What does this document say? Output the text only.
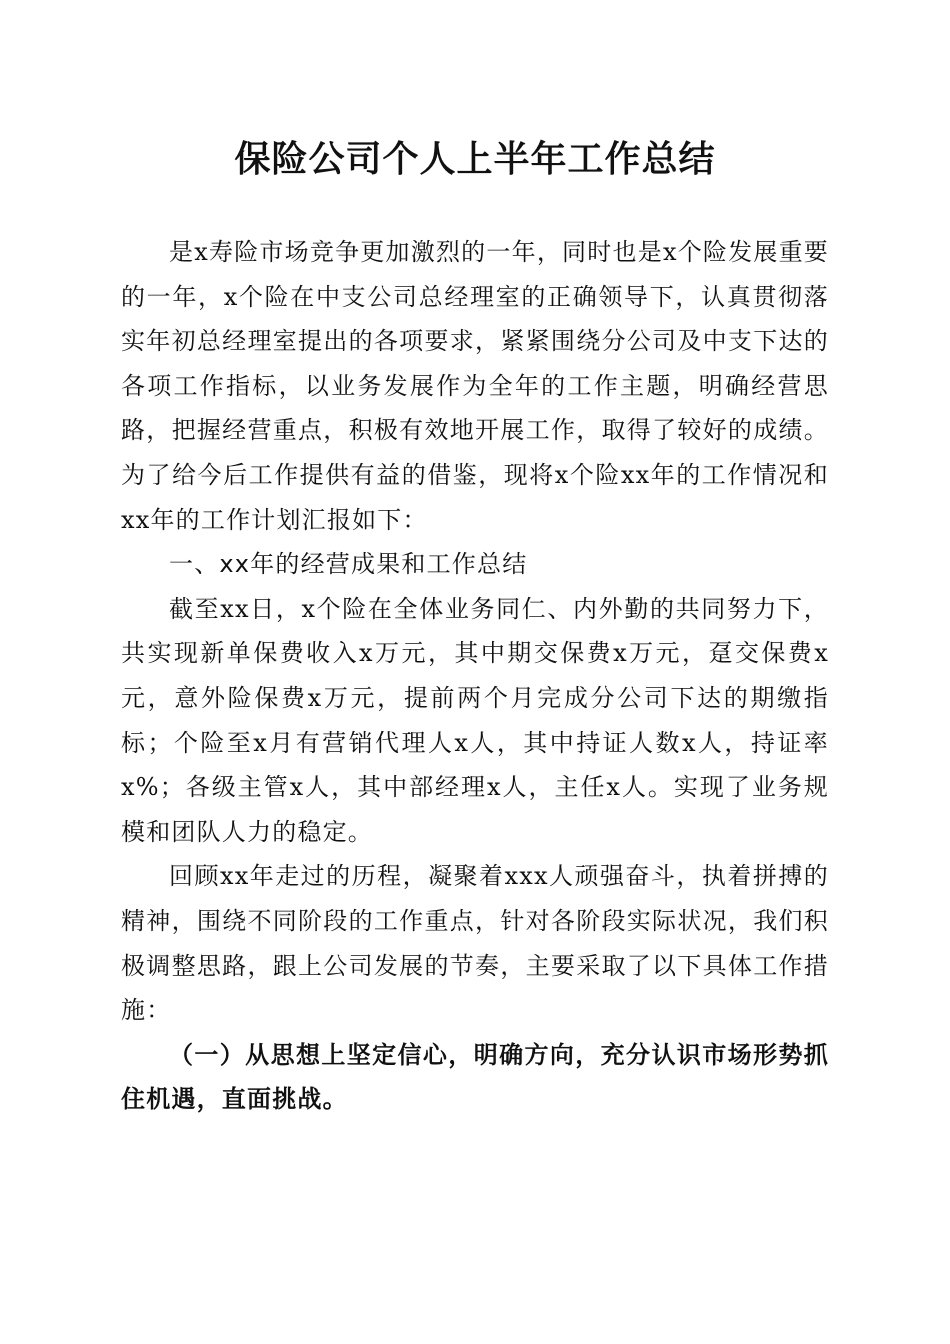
保险公司个人上半年工作总结

是x寿险市场竞争更加激烈的一年，同时也是x个险发展重要的一年，x个险在中支公司总经理室的正确领导下，认真贯彻落实年初总经理室提出的各项要求，紧紧围绕分公司及中支下达的各项工作指标，以业务发展作为全年的工作主题，明确经营思路，把握经营重点，积极有效地开展工作，取得了较好的成绩。为了给今后工作提供有益的借鉴，现将x个险xx年的工作情况和xx年的工作计划汇报如下：

一、xx年的经营成果和工作总结

截至xx日，x个险在全体业务同仁、内外勤的共同努力下，共实现新单保费收入x万元，其中期交保费x万元，趸交保费x元，意外险保费x万元，提前两个月完成分公司下达的期缴指标；个险至x月有营销代理人x人，其中持证人数x人，持证率x%；各级主管x人，其中部经理x人，主任x人。实现了业务规模和团队人力的稳定。

回顾xx年走过的历程，凝聚着xxx人顽强奋斗，执着拼搏的精神，围绕不同阶段的工作重点，针对各阶段实际状况，我们积极调整思路，跟上公司发展的节奏，主要采取了以下具体工作措施：

（一）从思想上坚定信心，明确方向，充分认识市场形势抓住机遇，直面挑战。
